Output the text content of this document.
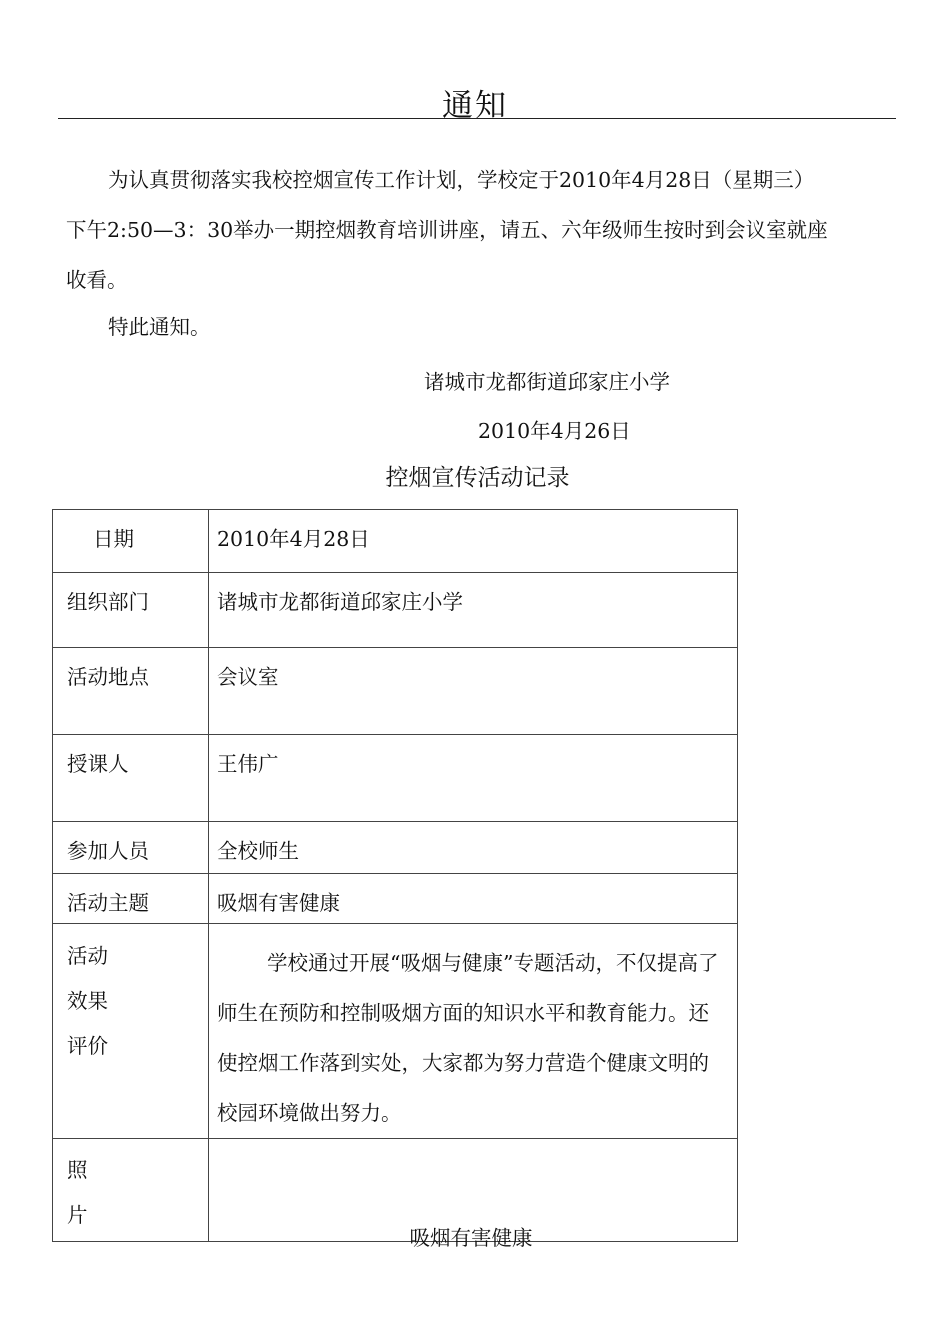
通知
为认真贯彻落实我校控烟宣传工作计划，学校定于2010年4月28日（星期三）
下午2:50—3：30举办一期控烟教育培训讲座，请五、六年级师生按时到会议室就座
收看。
特此通知。
诸城市龙都街道邱家庄小学
2010年4月26日
控烟宣传活动记录
日期	2010年4月28日
组织部门	诸城市龙都街道邱家庄小学
活动地点	会议室
授课人	王伟广
参加人员	全校师生
活动主题	吸烟有害健康

活动
效果
评价	学校通过开展“吸烟与健康”专题活动，不仅提高了师生在预防和控制吸烟方面的知识水平和教育能力。还使控烟工作落到实处，大家都为努力营造个健康文明的校园环境做出努力。

照
片	

吸烟有害健康
